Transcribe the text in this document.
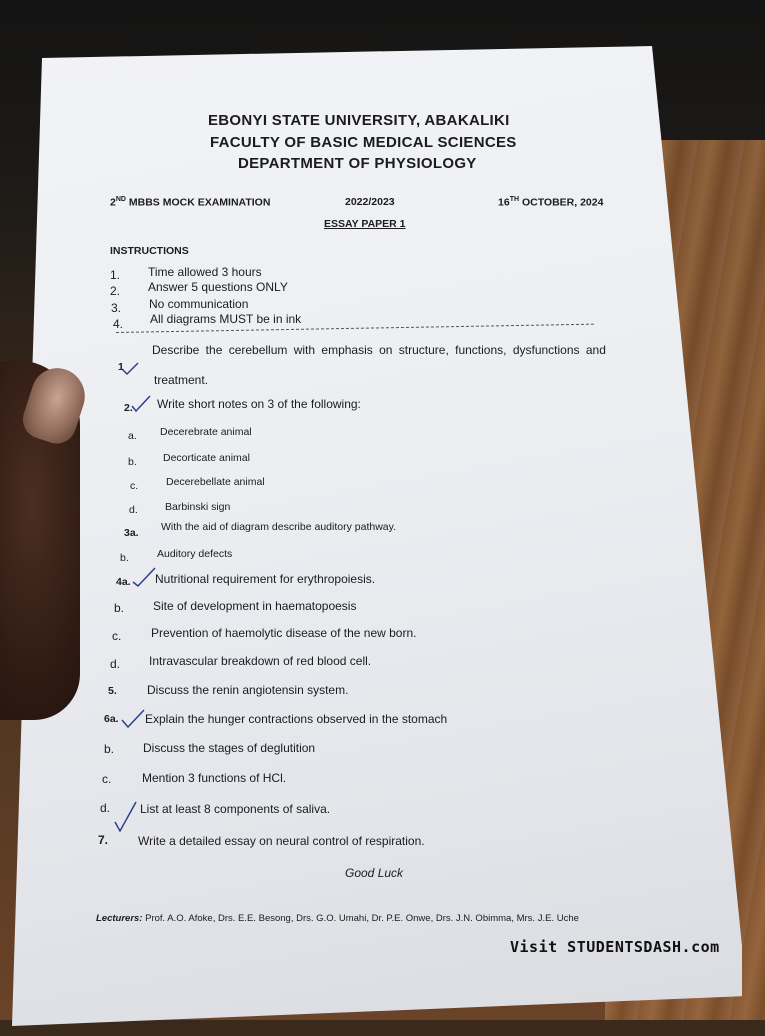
EBONYI STATE UNIVERSITY, ABAKALIKI
FACULTY OF BASIC MEDICAL SCIENCES
DEPARTMENT OF PHYSIOLOGY
2ND MBBS MOCK EXAMINATION	2022/2023	16TH OCTOBER, 2024
ESSAY PAPER 1
INSTRUCTIONS
1. Time allowed 3 hours
2. Answer 5 questions ONLY
3. No communication
4. All diagrams MUST be in ink
1
Describe the cerebellum with emphasis on structure, functions, dysfunctions and
treatment.
2. Write short notes on 3 of the following:
a. Decerebrate animal
b. Decorticate animal
c.	Decerebellate animal
d.	Barbinski sign
3a. With the aid of diagram describe auditory pathway.
b.	Auditory defects
4a. Nutritional requirement for erythropoiesis.
b. Site of development in haematopoesis
c. Prevention of haemolytic disease of the new born.
d. Intravascular breakdown of red blood cell.
5.	Discuss the renin angiotensin system.
6a. Explain the hunger contractions observed in the stomach
b. Discuss the stages of deglutition
c.	Mention 3 functions of HCl.
d. List at least 8 components of saliva.
7. Write a detailed essay on neural control of respiration.
Good Luck
Lecturers: Prof. A.O. Afoke, Drs. E.E. Besong, Drs. G.O. Umahi, Dr. P.E. Onwe, Drs. J.N. Obimma, Mrs. J.E. Uche
Visit STUDENTSDASH.com
